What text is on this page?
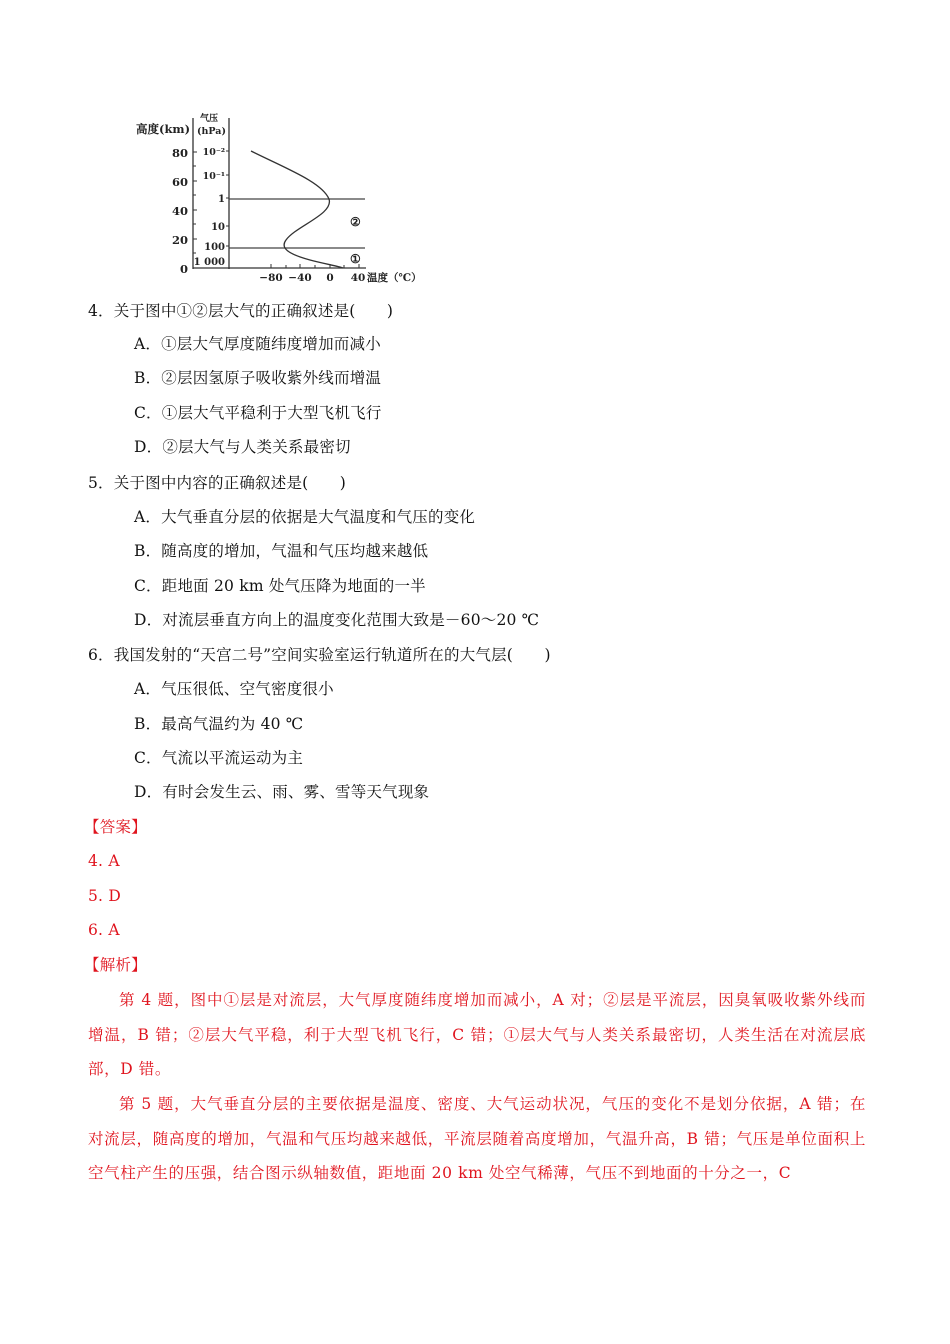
高度(km)
气压
(hPa)
80
60
40
20
0
10⁻²
10⁻¹
1
10
100
1 000
−80 −40 0 40 温度（℃）
①
②
4．关于图中①②层大气的正确叙述是(　　)
A．①层大气厚度随纬度增加而减小
B．②层因氢原子吸收紫外线而增温
C．①层大气平稳利于大型飞机飞行
D．②层大气与人类关系最密切
5．关于图中内容的正确叙述是(　　)
A．大气垂直分层的依据是大气温度和气压的变化
B．随高度的增加，气温和气压均越来越低
C．距地面 20 km 处气压降为地面的一半
D．对流层垂直方向上的温度变化范围大致是－60～20 ℃
6．我国发射的“天宫二号”空间实验室运行轨道所在的大气层(　　)
A．气压很低、空气密度很小
B．最高气温约为 40 ℃
C．气流以平流运动为主
D．有时会发生云、雨、雾、雪等天气现象
【答案】
4. A
5. D
6. A
【解析】
第 4 题，图中①层是对流层，大气厚度随纬度增加而减小，A 对；②层是平流层，因臭氧吸收紫外线而增温，B 错；②层大气平稳，利于大型飞机飞行，C 错；①层大气与人类关系最密切，人类生活在对流层底部，D 错。
第 5 题，大气垂直分层的主要依据是温度、密度、大气运动状况，气压的变化不是划分依据，A 错；在对流层，随高度的增加，气温和气压均越来越低，平流层随着高度增加，气温升高，B 错；气压是单位面积上空气柱产生的压强，结合图示纵轴数值，距地面 20 km 处空气稀薄，气压不到地面的十分之一，C
